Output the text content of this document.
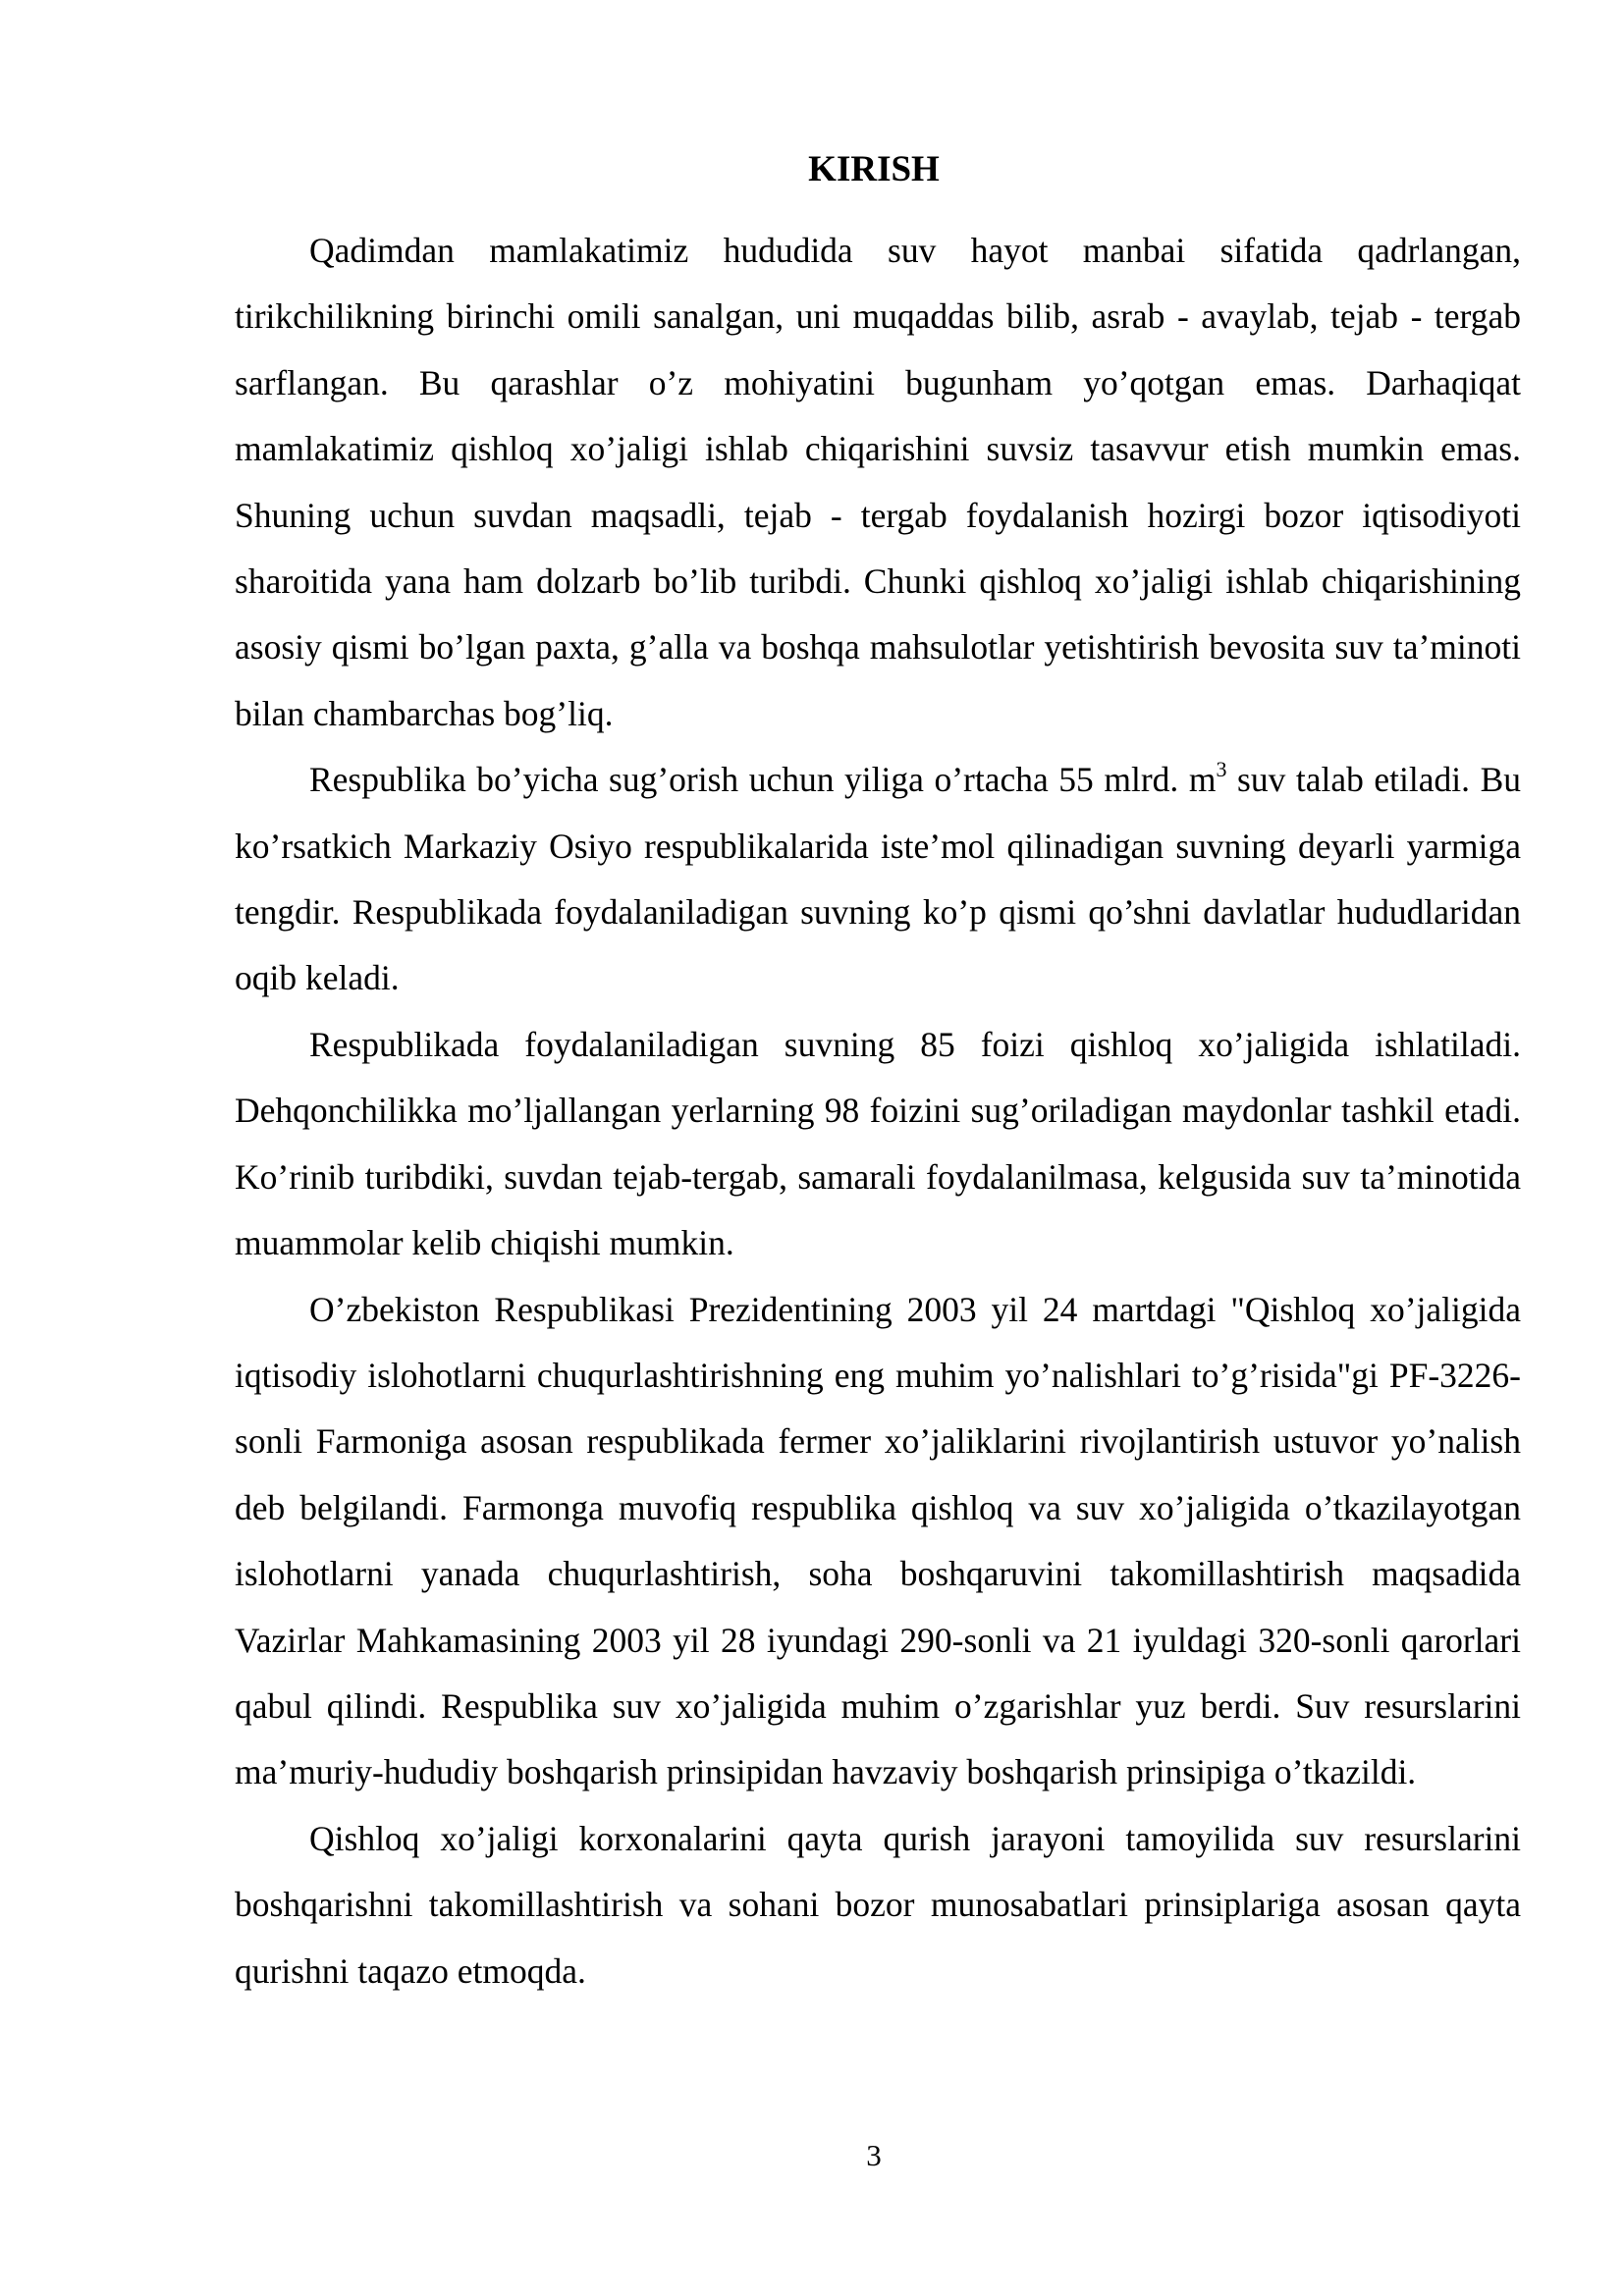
KIRISH

Qadimdan mamlakatimiz hududida suv hayot manbai sifatida qadrlangan, tirikchilikning birinchi omili sanalgan, uni muqaddas bilib, asrab - avaylab, tejab - tergab sarflangan. Bu qarashlar o’z mohiyatini bugunham yo’qotgan emas. Darhaqiqat mamlakatimiz qishloq xo’jaligi ishlab chiqarishini suvsiz tasavvur etish mumkin emas. Shuning uchun suvdan maqsadli, tejab - tergab foydalanish hozirgi bozor iqtisodiyoti sharoitida yana ham dolzarb bo’lib turibdi. Chunki qishloq xo’jaligi ishlab chiqarishining asosiy qismi bo’lgan paxta, g’alla va boshqa mahsulotlar yetishtirish bevosita suv ta’minoti bilan chambarchas bog’liq.

Respublika bo’yicha sug’orish uchun yiliga o’rtacha 55 mlrd. $m^3$ suv talab etiladi. Bu ko’rsatkich Markaziy Osiyo respublikalarida iste’mol qilinadigan suvning deyarli yarmiga tengdir. Respublikada foydalaniladigan suvning ko’p qismi qo’shni davlatlar hududlaridan oqib keladi.

Respublikada foydalaniladigan suvning 85 foizi qishloq xo’jaligida ishlatiladi. Dehqonchilikka mo’ljallangan yerlarning 98 foizini sug’oriladigan maydonlar tashkil etadi. Ko’rinib turibdiki, suvdan tejab-tergab, samarali foydalanilmasa, kelgusida suv ta’minotida muammolar kelib chiqishi mumkin.

O’zbekiston Respublikasi Prezidentining 2003 yil 24 martdagi "Qishloq xo’jaligida iqtisodiy islohotlarni chuqurlashtirishning eng muhim yo’nalishlari to’g’risida"gi PF-3226-sonli Farmoniga asosan respublikada fermer xo’jaliklarini rivojlantirish ustuvor yo’nalish deb belgilandi. Farmonga muvofiq respublika qishloq va suv xo’jaligida o’tkazilayotgan islohotlarni yanada chuqurlashtirish, soha boshqaruvini takomillashtirish maqsadida Vazirlar Mahkamasining 2003 yil 28 iyundagi 290-sonli va 21 iyuldagi 320-sonli qarorlari qabul qilindi. Respublika suv xo’jaligida muhim o’zgarishlar yuz berdi. Suv resurslarini ma’muriy-hududiy boshqarish prinsipidan havzaviy boshqarish prinsipiga o’tkazildi.

Qishloq xo’jaligi korxonalarini qayta qurish jarayoni tamoyilida suv resurslarini boshqarishni takomillashtirish va sohani bozor munosabatlari prinsiplariga asosan qayta qurishni taqazo etmoqda.

3
